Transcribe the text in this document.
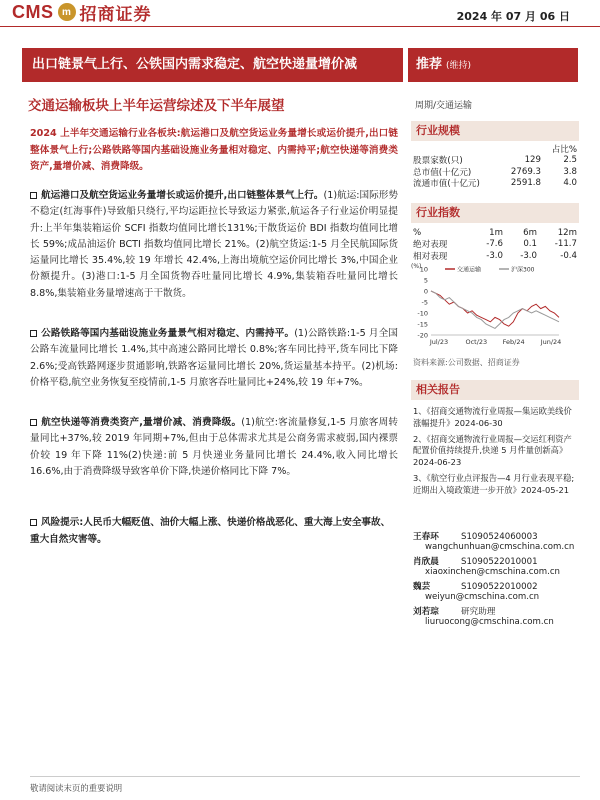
CMS m 招商证券	2024 年 07 月 06 日
出口链景气上行、公铁国内需求稳定、航空快递量增价减	推荐 (维持)
交通运输板块上半年运营综述及下半年展望	周期/交通运输
2024 上半年交通运输行业各板块:航运港口及航空货运业务量增长或运价提升,出口链整体景气上行;公路铁路等国内基础设施业务量相对稳定、内需持平;航空快递等消费类资产,量增价减、消费降级。
航运港口及航空货运业务量增长或运价提升,出口链整体景气上行。(1)航运:国际形势不稳定(红海事件)导致船只绕行,平均运距拉长导致运力紧张,航运各子行业运价明显提升:上半年集装箱运价 SCFI 指数均值同比增长131%;干散货运价 BDI 指数均值同比增长 59%;成品油运价 BCTI 指数均值同比增长 21%。(2)航空货运:1-5 月全民航国际货运量同比增长 35.4%,较 19 年增长 42.4%,上海出境航空运价同比增长 3%,中国企业份额提升。(3)港口:1-5 月全国货物吞吐量同比增长 4.9%,集装箱吞吐量同比增长 8.8%,集装箱业务量增速高于干散货。
公路铁路等国内基础设施业务量景气相对稳定、内需持平。(1)公路铁路:1-5 月全国公路车流量同比增长 1.4%,其中高速公路同比增长 0.8%;客车同比持平,货车同比下降 2.6%;受高铁路网逐步贯通影响,铁路客运量同比增长 20%,货运量基本持平。(2)机场:价格平稳,航空业务恢复至疫情前,1-5 月旅客吞吐量同比+24%,较 19 年+7%。
航空快递等消费类资产,量增价减、消费降级。(1)航空:客流量修复,1-5 月旅客周转量同比+37%,较 2019 年同期+7%,但由于总体需求尤其是公商务需求疲弱,国内裸票价较 19 年下降 11%(2)快递:前 5 月快递业务量同比增长 24.4%,收入同比增长 16.6%,由于消费降级导致客单价下降,快递价格同比下降 7%。
风险提示:人民币大幅贬值、油价大幅上涨、快递价格战恶化、重大海上安全事故、重大自然灾害等。
行业规模
占比%
股票家数(只)	129	2.5
总市值(十亿元)	2769.3	3.8
流通市值(十亿元)	2591.8	4.0
行业指数
%	1m	6m	12m
绝对表现	-7.6	0.1	-11.7
相对表现	-3.0	-3.0	-0.4
10
5
0
-5
-10
-15
-20
(%)
Jul/23	Oct/23 Feb/24 Jun/24
交通运输	沪深300
资料来源:公司数据、招商证券
相关报告
1、《招商交通物流行业周报—集运欧美线价涨幅提升》2024-06-30
2、《招商交通物流行业周报—交运红利资产配置价值持续提升,快递 5 月件量创新高》2024-06-23
3、《航空行业点评报告—4 月行业表现平稳;近期出入境政策进一步开放》2024-05-21
王春环	S1090524060003
wangchunhuan@cmschina.com.cn
肖欣晨	S1090522010001
xiaoxinchen@cmschina.com.cn
魏芸	S1090522010002
weiyun@cmschina.com.cn
刘若琮	研究助理
liuruocong@cmschina.com.cn
敬请阅读末页的重要说明
